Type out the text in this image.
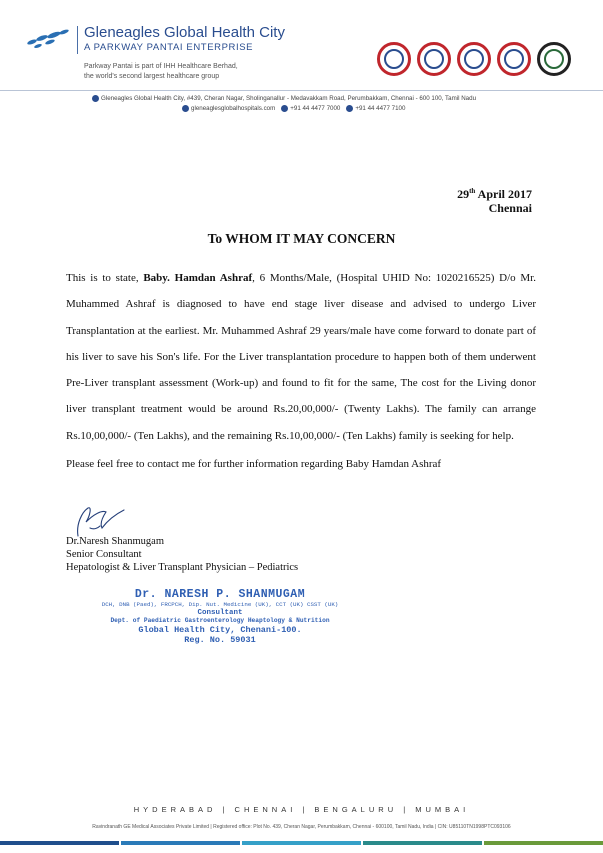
Gleneagles Global Health City
A PARKWAY PANTAI ENTERPRISE
Parkway Pantai is part of IHH Healthcare Berhad,
the world's second largest healthcare group
Gleneagles Global Health City, #439, Cheran Nagar, Sholinganallur - Medavakkam Road, Perumbakkam, Chennai - 600 100, Tamil Nadu
gleneaglesglobalhospitals.com	+91 44 4477 7000	+91 44 4477 7100
29th April 2017
Chennai
To WHOM IT MAY CONCERN

This is to state, Baby. Hamdan Ashraf, 6 Months/Male, (Hospital UHID No: 1020216525) D/o Mr. Muhammed Ashraf is diagnosed to have end stage liver disease and advised to undergo Liver Transplantation at the earliest. Mr. Muhammed Ashraf 29 years/male have come forward to donate part of his liver to save his Son's life. For the Liver transplantation procedure to happen both of them underwent Pre-Liver transplant assessment (Work-up) and found to fit for the same, The cost for the Living donor liver transplant treatment would be around Rs.20,00,000/- (Twenty Lakhs). The family can arrange Rs.10,00,000/- (Ten Lakhs), and the remaining Rs.10,00,000/- (Ten Lakhs) family is seeking for help.

Please feel free to contact me for further information regarding Baby Hamdan Ashraf
Dr.Naresh Shanmugam
Senior Consultant
Hepatologist & Liver Transplant Physician – Pediatrics
Dr. NARESH P. SHANMUGAM
DCH, DNB (Paed), FRCPCH, Dip. Nut. Medicine (UK), CCT (UK) CSST (UK)
Consultant
Dept. of Paediatric Gastroenterology Heaptology & Nutrition
Global Health City, Chenani-100.
Reg. No. 59031
HYDERABAD | CHENNAI | BENGALURU | MUMBAI
Ravindranath GE Medical Associates Private Limited | Registered office: Plot No. 439, Cheran Nagar, Perumbakkam, Chennai - 600100, Tamil Nadu, India | CIN: U85110TN1998PTC093106
